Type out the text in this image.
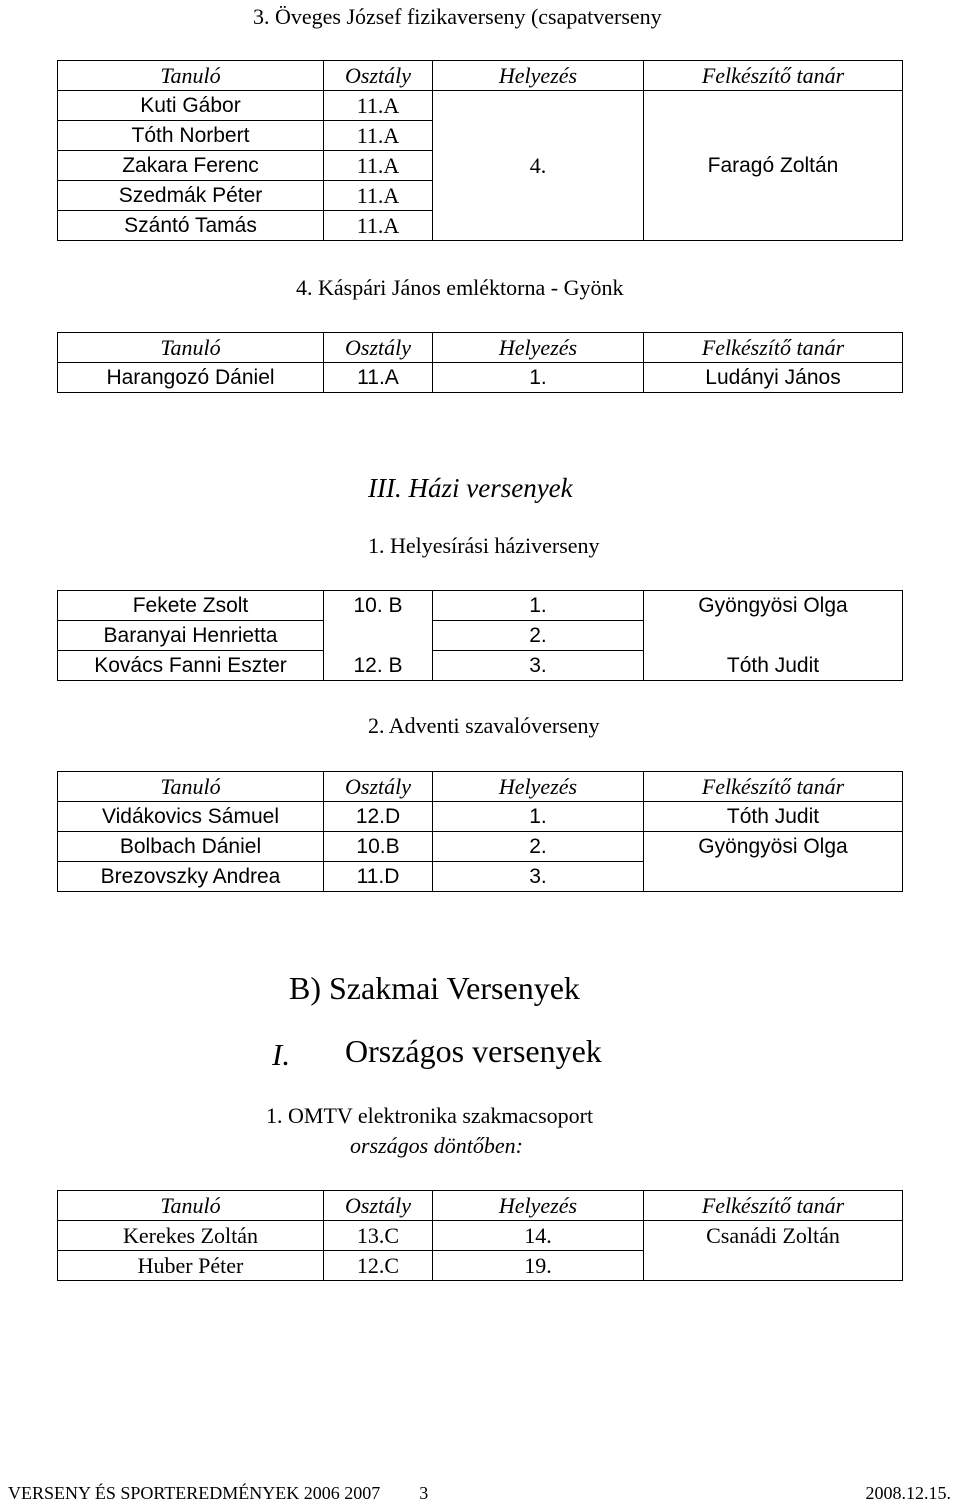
3. Öveges József fizikaverseny (csapatverseny
Tanuló	Osztály	Helyezés	Felkészítő tanár
Kuti Gábor	11.A	4.	Faragó Zoltán
Tóth Norbert	11.A		
Zakara Ferenc	11.A		
Szedmák Péter	11.A		
Szántó Tamás	11.A		
4. Káspári János emléktorna - Gyönk
Tanuló	Osztály	Helyezés	Felkészítő tanár
Harangozó Dániel	11.A	1.	Ludányi János
III. Házi versenyek
1. Helyesírási háziverseny
Fekete Zsolt	10. B	1.	Gyöngyösi Olga
Baranyai Henrietta		2.	
Kovács Fanni Eszter	12. B	3.	Tóth Judit
2. Adventi szavalóverseny
Tanuló	Osztály	Helyezés	Felkészítő tanár
Vidákovics Sámuel	12.D	1.	Tóth Judit
Bolbach Dániel	10.B	2.	Gyöngyösi Olga
Brezovszky Andrea	11.D	3.	
B) Szakmai Versenyek
I. Országos versenyek
1. OMTV elektronika szakmacsoport
országos döntőben:
Tanuló	Osztály	Helyezés	Felkészítő tanár
Kerekes Zoltán	13.C	14.	Csanádi Zoltán
Huber Péter	12.C	19.	
VERSENY ÉS SPORTEREDMÉNYEK 2006 2007 3	2008.12.15.
